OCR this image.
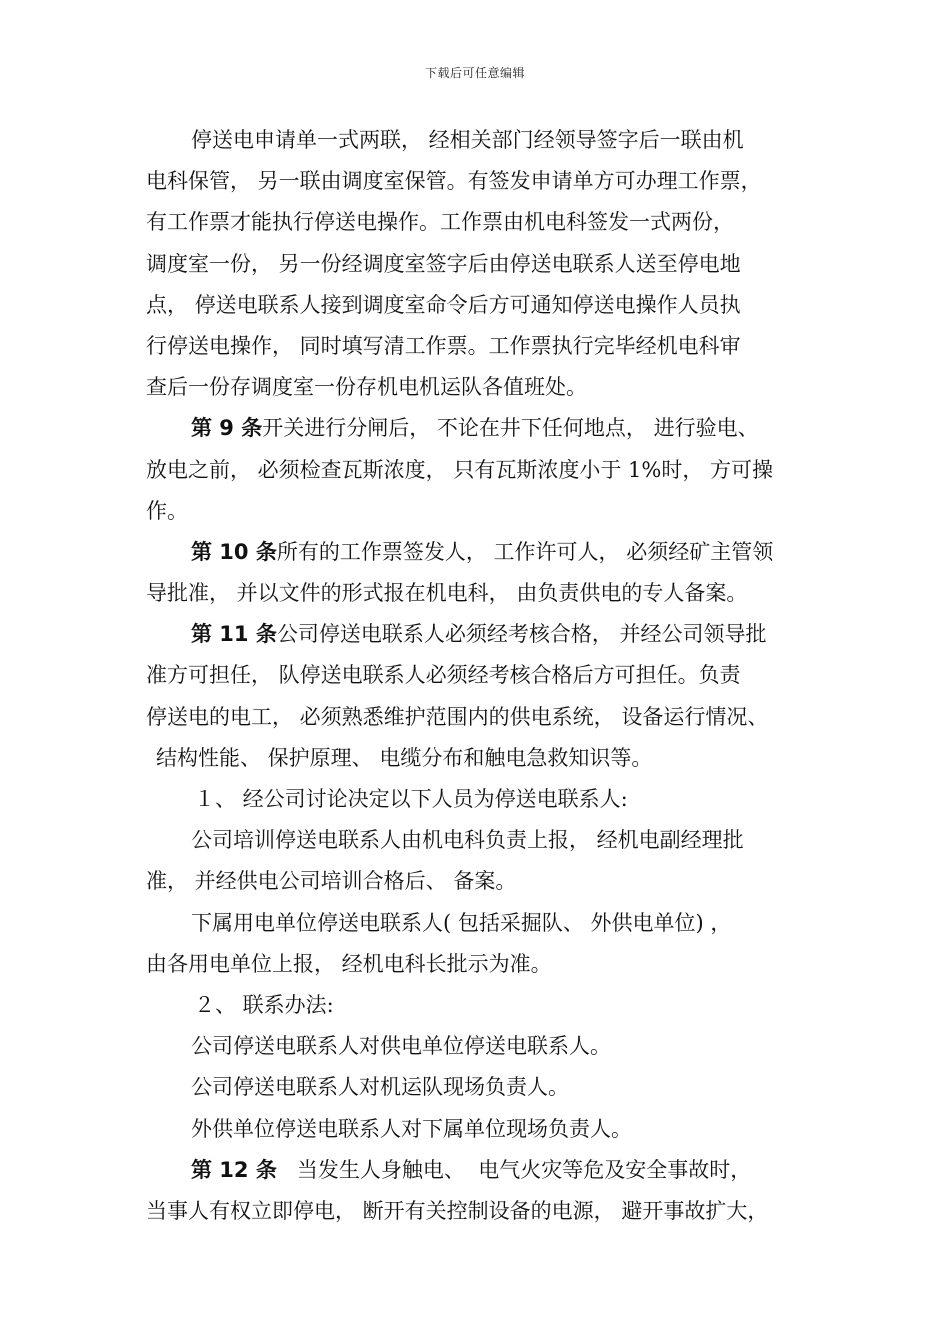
下载后可任意编辑
停送电申请单一式两联， 经相关部门经领导签字后一联由机
电科保管， 另一联由调度室保管。有签发申请单方可办理工作票，
有工作票才能执行停送电操作。工作票由机电科签发一式两份，
调度室一份， 另一份经调度室签字后由停送电联系人送至停电地
点， 停送电联系人接到调度室命令后方可通知停送电操作人员执
行停送电操作， 同时填写清工作票。工作票执行完毕经机电科审
查后一份存调度室一份存机电机运队各值班处。
第 9 条开关进行分闸后， 不论在井下任何地点， 进行验电、
放电之前， 必须检查瓦斯浓度， 只有瓦斯浓度小于 1%时， 方可操
作。
第 10 条所有的工作票签发人， 工作许可人， 必须经矿主管领
导批准， 并以文件的形式报在机电科， 由负责供电的专人备案。
第 11 条公司停送电联系人必须经考核合格， 并经公司领导批
准方可担任， 队停送电联系人必须经考核合格后方可担任。负责
停送电的电工， 必须熟悉维护范围内的供电系统， 设备运行情况、
结构性能、 保护原理、 电缆分布和触电急救知识等。
１、 经公司讨论决定以下人员为停送电联系人:
公司培训停送电联系人由机电科负责上报， 经机电副经理批
准， 并经供电公司培训合格后、 备案。
下属用电单位停送电联系人( 包括采掘队、 外供电单位) ，
由各用电单位上报， 经机电科长批示为准。
２、 联系办法:
公司停送电联系人对供电单位停送电联系人。
公司停送电联系人对机运队现场负责人。
外供单位停送电联系人对下属单位现场负责人。
第 12 条   当发生人身触电、  电气火灾等危及安全事故时，
当事人有权立即停电， 断开有关控制设备的电源， 避开事故扩大，
